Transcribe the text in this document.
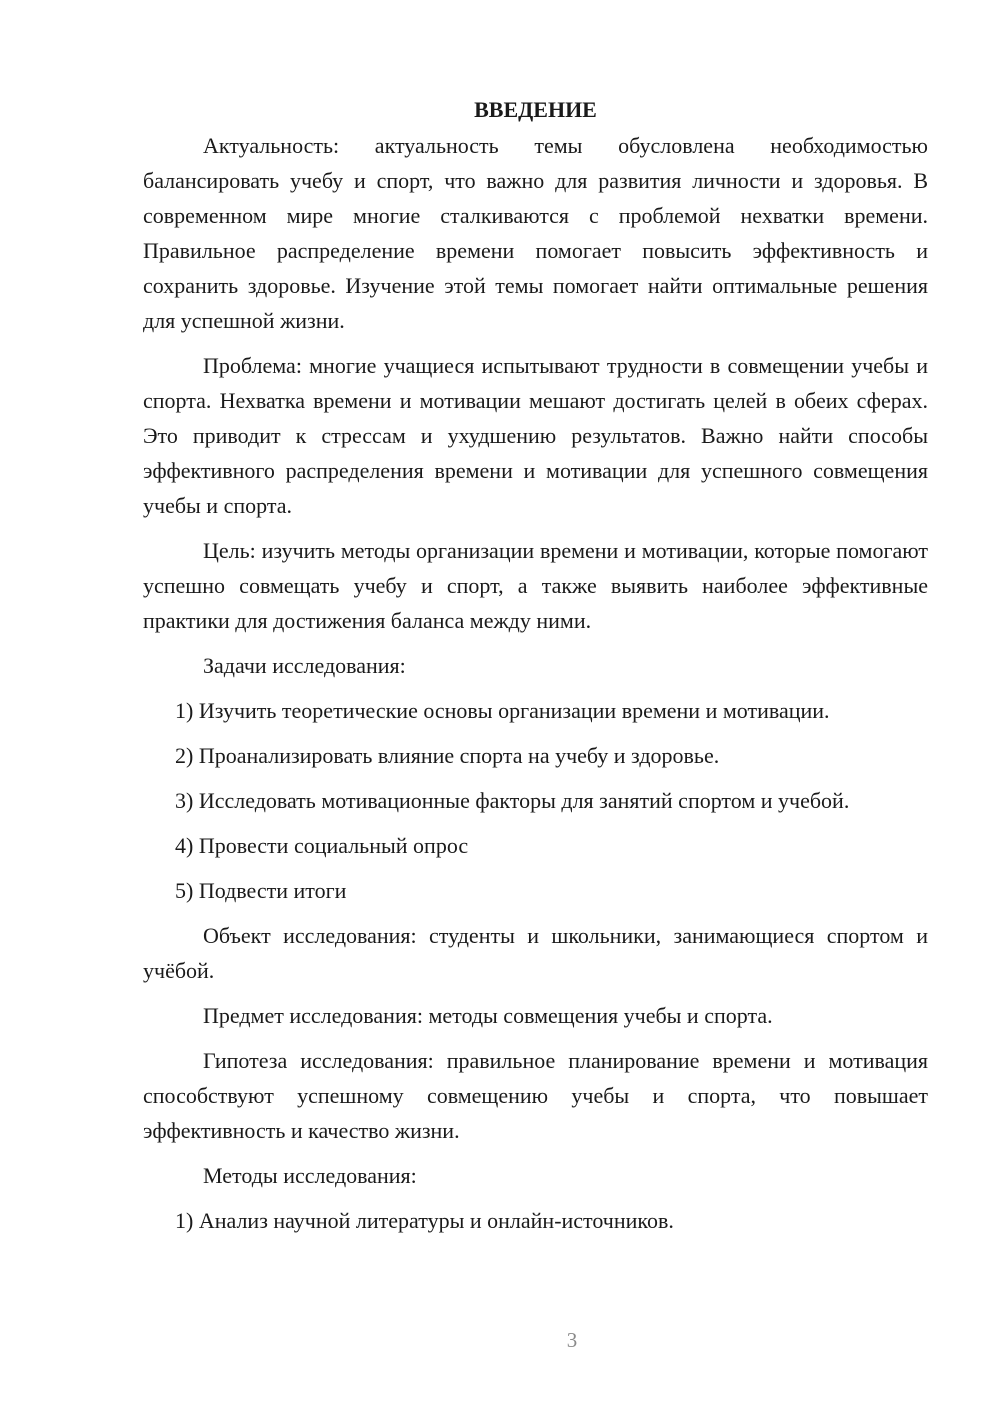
ВВЕДЕНИЕ

Актуальность: актуальность темы обусловлена необходимостью балансировать учебу и спорт, что важно для развития личности и здоровья. В современном мире многие сталкиваются с проблемой нехватки времени. Правильное распределение времени помогает повысить эффективность и сохранить здоровье. Изучение этой темы помогает найти оптимальные решения для успешной жизни.

Проблема: многие учащиеся испытывают трудности в совмещении учебы и спорта. Нехватка времени и мотивации мешают достигать целей в обеих сферах. Это приводит к стрессам и ухудшению результатов. Важно найти способы эффективного распределения времени и мотивации для успешного совмещения учебы и спорта.

Цель: изучить методы организации времени и мотивации, которые помогают успешно совмещать учебу и спорт, а также выявить наиболее эффективные практики для достижения баланса между ними.

Задачи исследования:

1) Изучить теоретические основы организации времени и мотивации.

2) Проанализировать влияние спорта на учебу и здоровье.

3) Исследовать мотивационные факторы для занятий спортом и учебой.

4) Провести социальный опрос

5) Подвести итоги

Объект исследования: студенты и школьники, занимающиеся спортом и учёбой.

Предмет исследования: методы совмещения учебы и спорта.

Гипотеза исследования: правильное планирование времени и мотивация способствуют успешному совмещению учебы и спорта, что повышает эффективность и качество жизни.

Методы исследования:

1) Анализ научной литературы и онлайн-источников.

3
